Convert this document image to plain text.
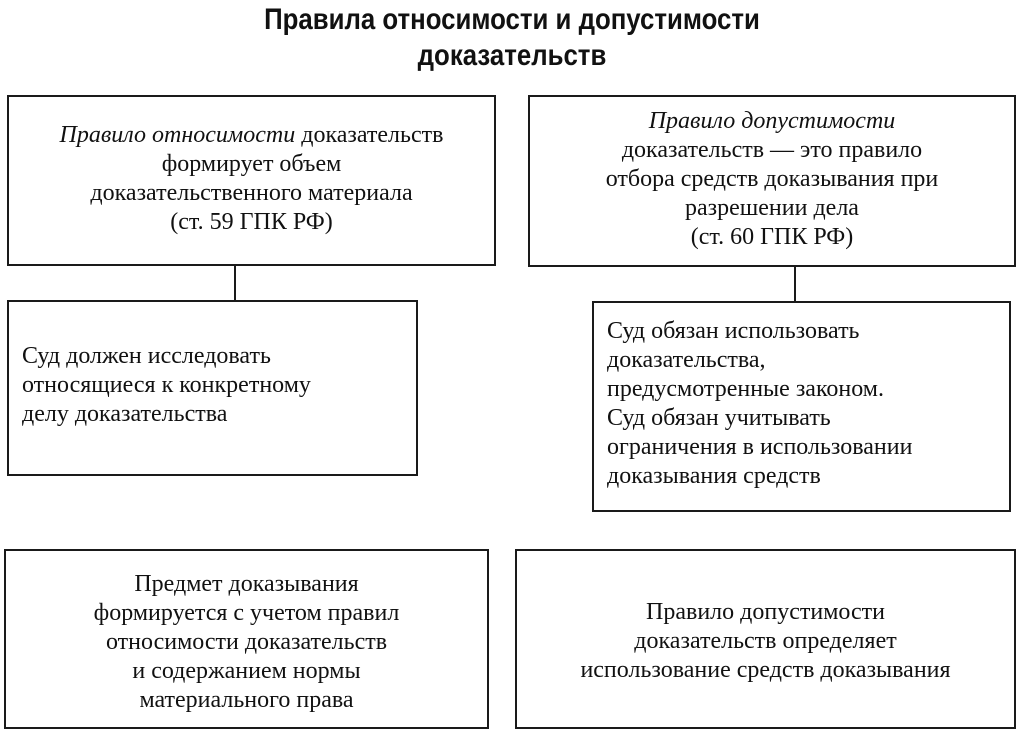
Правила относимости и допустимости
доказательств
Правило относимости доказательств
формирует объем
доказательственного материала
(ст. 59 ГПК РФ)
Правило допустимости
доказательств — это правило
отбора средств доказывания при
разрешении дела
(ст. 60 ГПК РФ)
Суд должен исследовать
относящиеся к конкретному
делу доказательства
Суд обязан использовать
доказательства,
предусмотренные законом.
Суд обязан учитывать
ограничения в использовании
доказывания средств
Предмет доказывания
формируется с учетом правил
относимости доказательств
и содержанием нормы
материального права
Правило допустимости
доказательств определяет
использование средств доказывания
